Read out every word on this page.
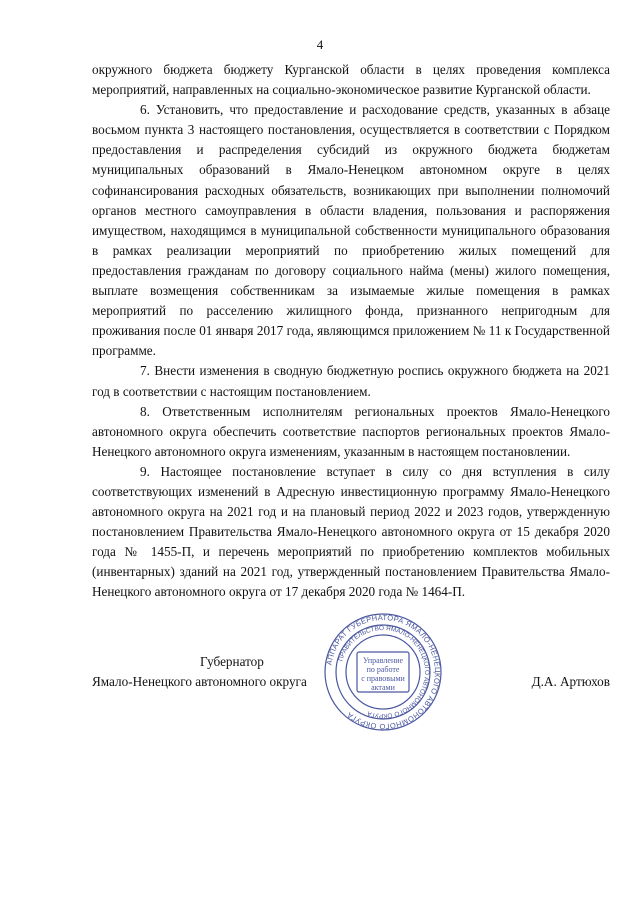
4

окружного бюджета бюджету Курганской области в целях проведения комплекса мероприятий, направленных на социально-экономическое развитие Курганской области.

6. Установить, что предоставление и расходование средств, указанных в абзаце восьмом пункта 3 настоящего постановления, осуществляется в соответствии с Порядком предоставления и распределения субсидий из окружного бюджета бюджетам муниципальных образований в Ямало-Ненецком автономном округе в целях софинансирования расходных обязательств, возникающих при выполнении полномочий органов местного самоуправления в области владения, пользования и распоряжения имуществом, находящимся в муниципальной собственности муниципального образования в рамках реализации мероприятий по приобретению жилых помещений для предоставления гражданам по договору социального найма (мены) жилого помещения, выплате возмещения собственникам за изымаемые жилые помещения в рамках мероприятий по расселению жилищного фонда, признанного непригодным для проживания после 01 января 2017 года, являющимся приложением № 11 к Государственной программе.

7. Внести изменения в сводную бюджетную роспись окружного бюджета на 2021 год в соответствии с настоящим постановлением.

8. Ответственным исполнителям региональных проектов Ямало-Ненецкого автономного округа обеспечить соответствие паспортов региональных проектов Ямало-Ненецкого автономного округа изменениям, указанным в настоящем постановлении.

9. Настоящее постановление вступает в силу со дня вступления в силу соответствующих изменений в Адресную инвестиционную программу Ямало-Ненецкого автономного округа на 2021 год и на плановый период 2022 и 2023 годов, утвержденную постановлением Правительства Ямало-Ненецкого автономного округа от 15 декабря 2020 года № 1455-П, и перечень мероприятий по приобретению комплектов мобильных (инвентарных) зданий на 2021 год, утвержденный постановлением Правительства Ямало-Ненецкого автономного округа от 17 декабря 2020 года № 1464-П.

Губернатор
Ямало-Ненецкого автономного округа	Д.А. Артюхов
АППАРАТ ГУБЕРНАТОРА ЯМАЛО-НЕНЕЦКОГО АВТОНОМНОГО ОКРУГА
ПРАВИТЕЛЬСТВО ЯМАЛО-НЕНЕЦКОГО АВТОНОМНОГО ОКРУГА
Управление
по работе
с правовыми
актами
